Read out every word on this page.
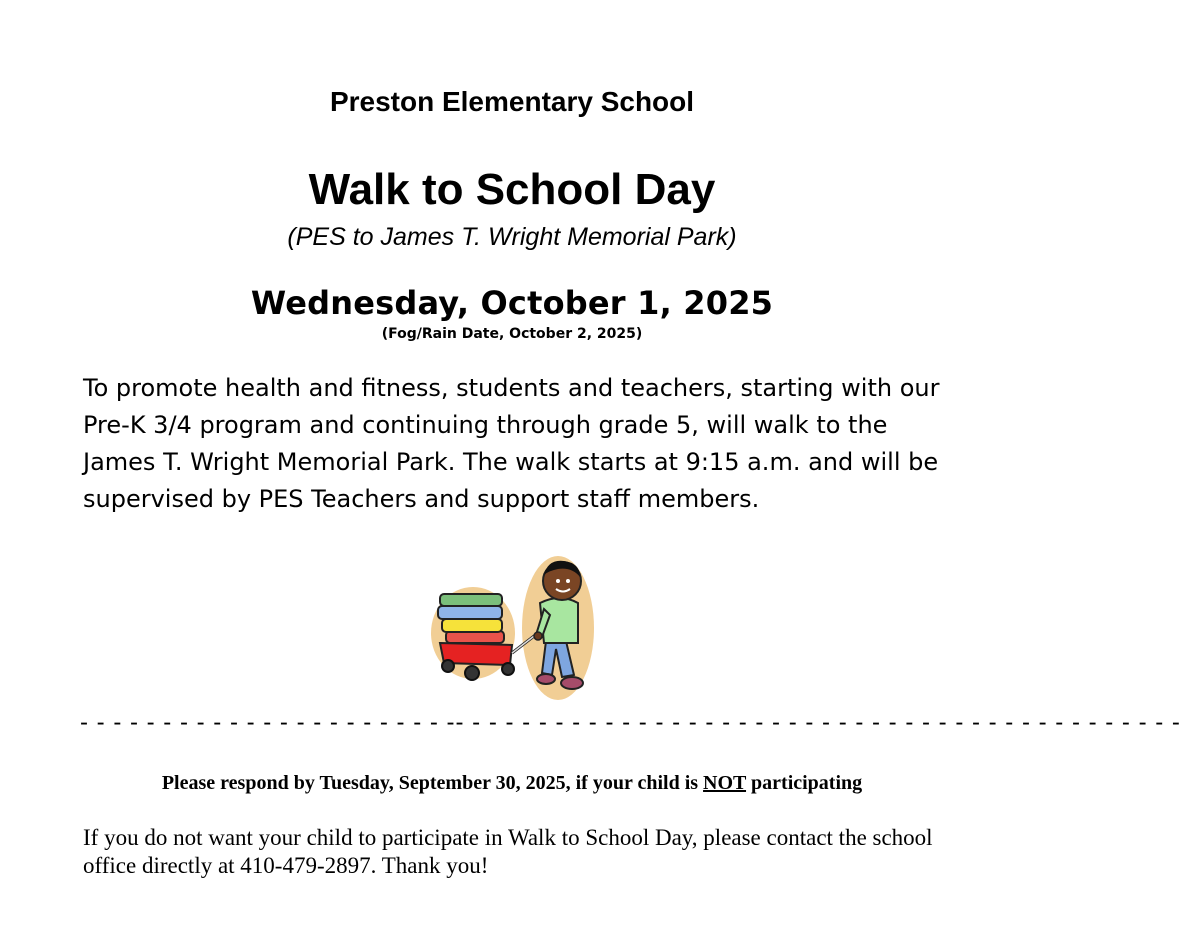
Preston Elementary School

Walk to School Day

(PES to James T. Wright Memorial Park)

Wednesday, October 1, 2025

(Fog/Rain Date, October 2, 2025)

To promote health and fitness, students and teachers, starting with our Pre-K 3/4 program and continuing through grade 5, will walk to the James T. Wright Memorial Park. The walk starts at 9:15 a.m. and will be supervised by PES Teachers and support staff members.

- - - - - - - - - - - - - - - - - - - - - - -- - - - - - - - - - - - - - - - - - - - - - - - - - - - - - - - - - - - - - - - - - - -

Please respond by Tuesday, September 30, 2025, if your child is NOT participating

If you do not want your child to participate in Walk to School Day, please contact the school office directly at 410-479-2897. Thank you!
